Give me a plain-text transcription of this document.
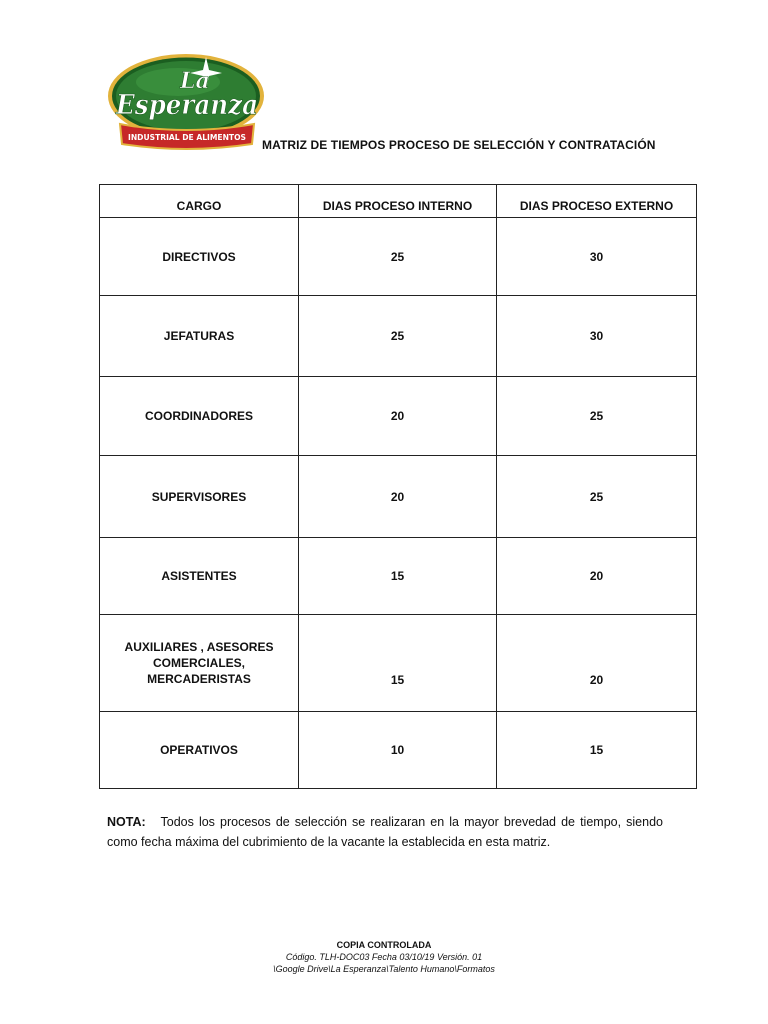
La
Esperanza
INDUSTRIAL DE ALIMENTOS
MATRIZ DE TIEMPOS PROCESO DE SELECCIÓN Y CONTRATACIÓN
CARGO	DIAS PROCESO INTERNO	DIAS PROCESO EXTERNO
DIRECTIVOS	25	30
JEFATURAS	25	30
COORDINADORES	20	25
SUPERVISORES	20	25
ASISTENTES	15	20
AUXILIARES , ASESORES COMERCIALES, MERCADERISTAS	15	20
OPERATIVOS	10	15
NOTA: Todos los procesos de selección se realizaran en la mayor brevedad de tiempo, siendo como fecha máxima del cubrimiento de la vacante la establecida en esta matriz.
COPIA CONTROLADA
Código. TLH-DOC03 Fecha 03/10/19 Versión. 01
\Google Drive\La Esperanza\Talento Humano\Formatos
